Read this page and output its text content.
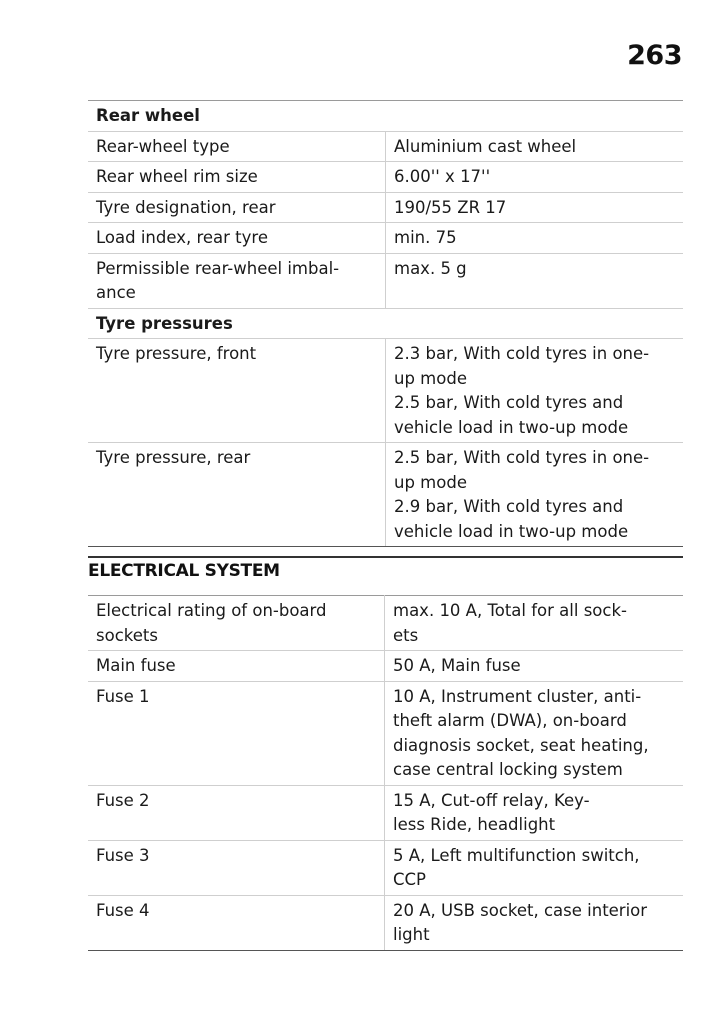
263
Rear wheel	

Rear-wheel type	Aluminium cast wheel

Rear wheel rim size	6.00'' x 17''

Tyre designation, rear	190/55 ZR 17

Load index, rear tyre	min. 75

Permissible rear-wheel imbal-
ance	max. 5 g

Tyre pressures	

Tyre pressure, front	2.3 bar, With cold tyres in one-
up mode
2.5 bar, With cold tyres and
vehicle load in two-up mode

Tyre pressure, rear	2.5 bar, With cold tyres in one-
up mode
2.9 bar, With cold tyres and
vehicle load in two-up mode
ELECTRICAL SYSTEM
Electrical rating of on-board
sockets	max. 10 A, Total for all sock-
ets

Main fuse	50 A, Main fuse

Fuse 1	10 A, Instrument cluster, anti-
theft alarm (DWA), on-board
diagnosis socket, seat heating,
case central locking system

Fuse 2	15 A, Cut-off relay, Key-
less Ride, headlight

Fuse 3	5 A, Left multifunction switch,
CCP

Fuse 4	20 A, USB socket, case interior
light
